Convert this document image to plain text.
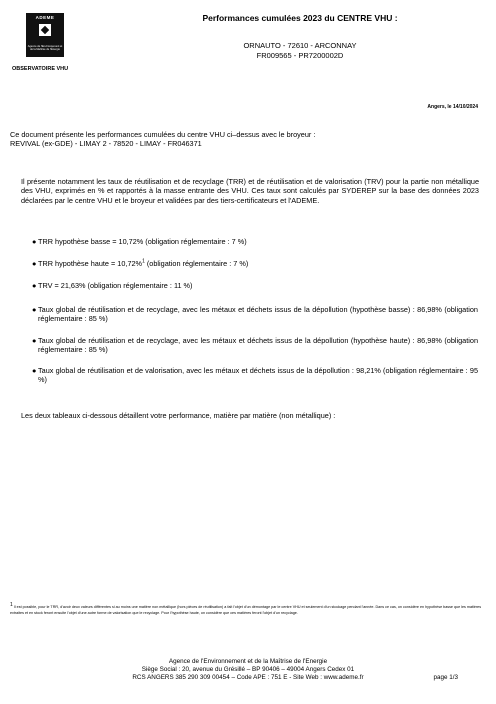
ADEME
Agence de l'Environnement et de la Maîtrise de l'Énergie
OBSERVATOIRE VHU
Performances cumulées 2023 du CENTRE VHU :
ORNAUTO - 72610 - ARCONNAY
FR009565 - PR7200002D
Angers, le 14/10/2024
Ce document présente les performances cumulées du centre VHU ci–dessus avec le broyeur :
REVIVAL (ex-GDE) - LIMAY 2 - 78520 - LIMAY - FR046371
Il présente notamment les taux de réutilisation et de recyclage (TRR) et de réutilisation et de valorisation (TRV) pour la partie non métallique des VHU, exprimés en % et rapportés à la masse entrante des VHU. Ces taux sont calculés par SYDEREP sur la base des données 2023 déclarées par le centre VHU et le broyeur et validées par des tiers-certificateurs et l'ADEME.
● TRR hypothèse basse = 10,72% (obligation réglementaire : 7 %)
● TRR hypothèse haute = 10,72%$^1$ (obligation réglementaire : 7 %)
● TRV = 21,63% (obligation réglementaire : 11 %)
● Taux global de réutilisation et de recyclage, avec les métaux et déchets issus de la dépollution (hypothèse basse) : 86,98% (obligation réglementaire : 85 %)
● Taux global de réutilisation et de recyclage, avec les métaux et déchets issus de la dépollution (hypothèse haute) : 86,98% (obligation réglementaire : 85 %)
● Taux global de réutilisation et de valorisation, avec les métaux et déchets issus de la dépollution : 98,21% (obligation réglementaire : 95 %)
Les deux tableaux ci-dessous détaillent votre performance, matière par matière (non métallique) :
$^1$ Il est possible, pour le TRR, d'avoir deux valeurs différentes si au moins une matière non métallique (hors pièces de réutilisation) a fait l'objet d'un démontage par le centre VHU et seulement d'un stockage pendant l'année. Dans ce cas, on considère en hypothèse basse que les matières extraites et en stock feront ensuite l'objet d'une autre forme de valorisation que le recyclage. Pour l'hypothèse haute, on considère que ces matières feront l'objet d'un recyclage.
Agence de l'Environnement et de la Maîtrise de l'Energie
Siège Social : 20, avenue du Grésillé – BP 90406 – 49004 Angers Cedex 01
RCS ANGERS 385 290 309 00454 – Code APE : 751 E - Site Web : www.ademe.fr	page 1/3
